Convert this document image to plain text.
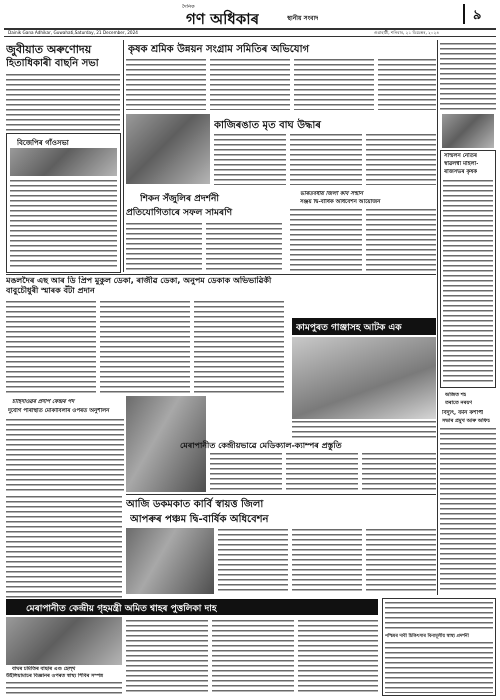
দৈনিক
গণ অধিকাৰ	স্থানীয় সংবাদ	৯
Dainik Gana Adhikar, Guwahati,Saturday, 21 December, 2024	গুৱাহাটী, শনিবাৰ, ২১ ডিচেম্বৰ, ২০২৪
জুবীয়াত অৰুণোদয়
হিতাধিকাৰী বাছনি সভা
বিজেপিৰ গাঁওসভা
কৃষক শ্ৰমিক উন্নয়ন সংগ্ৰাম সমিতিৰ অভিযোগ
কাজিৰঙাত মৃত বাঘ উদ্ধাৰ
শিকন সঁজুলিৰ প্ৰদৰ্শনী
প্ৰতিযোগিতাৰে সফল সামৰণি
ভাৰতবৰ্ষীয় জিলা কবি সন্মান
সঞ্জয় দ্বি-বাৰ্ষিক অধিবেশন আয়োজন
সন্মিলন নেতিৰ
স্বাৱলম্বী মহিলা-
ৰাজসভৰ কৃষক
অজিত শহ
তৰাতে নৰয়ণ
বিদ্যুৎ, বৰ্মন কশাপী
সভাৰ প্ৰমুখ আৰু অফিচ
মঙলদৈৰ এছ আৰ ডি প্ৰিপ মুকুল ডেকা, ৰাজীৱ ডেকা, অনুপম ডেকাক অভিভাৱিকী বাবুচৌধুৰী স্মাৰক বঁটা প্ৰদান
কামপুৰত গাঞ্জাসহ আটক এক
চাহিদাওঁৱৰ প্ৰদীপ কেন্দ্ৰৰ পদ
দুৰ্যোগ পৰিস্থিতি মোকাবিলাৰ ওপৰত অনুশীলন
মেৰাপানীত কেন্দ্ৰীয়ভাৱে মেডিক্যাল-ক্যাম্পৰ প্ৰস্তুতি
আজি ডকমকাত কাৰ্বি স্বায়ত্ত জিলা
আপৰুৰ পঞ্চম দ্বি-বাৰ্ষিক অধিবেশন
মেৰাপানীত কেন্দ্ৰীয় গৃহমন্ত্ৰী অমিত শ্বাহৰ পুত্তলিকা দাহ
বাঘৰ চমিতিৰ বাছাৰ এণ্ড হেল্থ
উইলিয়ামাচৰ বিজ্ঞানৰ ওপৰত স্বাস্থ্য শিবিৰ সম্পন্ন
পশ্চিমৰ দাবী চিকিৎসাৰ বিনামূলীয় স্বাস্থ্য প্ৰদৰ্শনী
